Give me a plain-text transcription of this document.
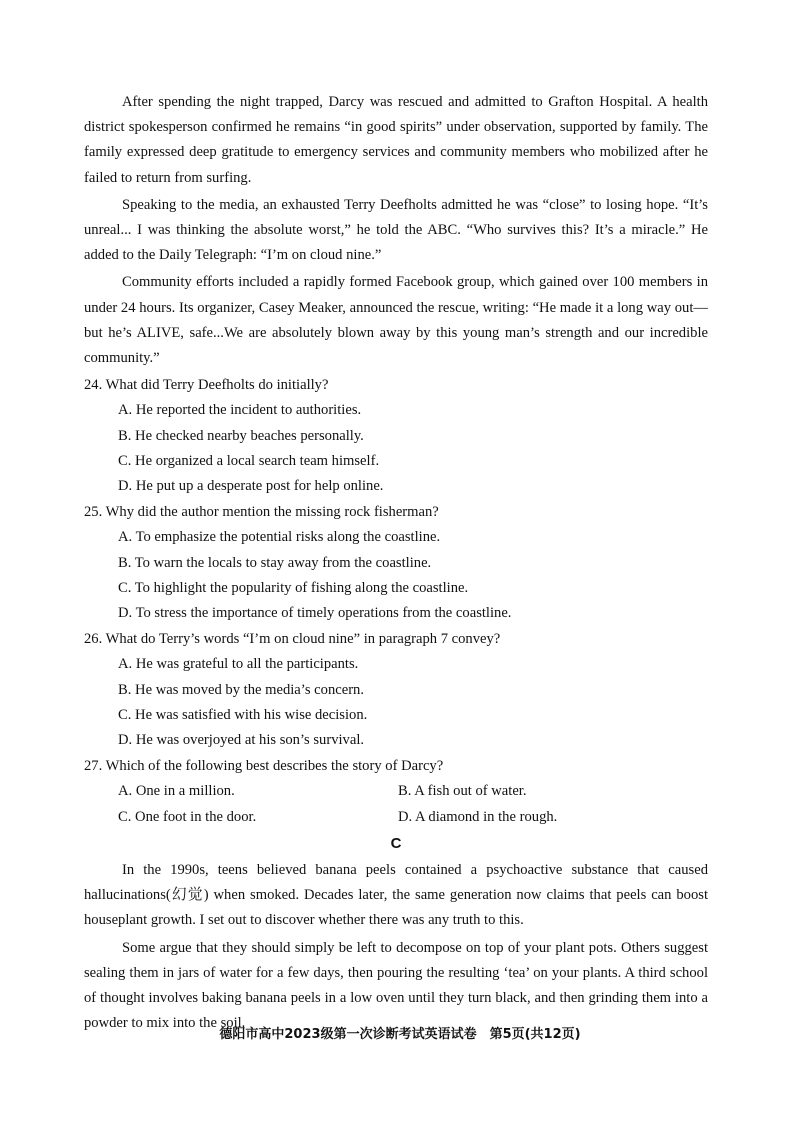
After spending the night trapped, Darcy was rescued and admitted to Grafton Hospital. A health district spokesperson confirmed he remains “in good spirits” under observation, supported by family. The family expressed deep gratitude to emergency services and community members who mobilized after he failed to return from surfing.

Speaking to the media, an exhausted Terry Deefholts admitted he was “close” to losing hope. “It’s unreal... I was thinking the absolute worst,” he told the ABC. “Who survives this? It’s a miracle.” He added to the Daily Telegraph: “I’m on cloud nine.”

Community efforts included a rapidly formed Facebook group, which gained over 100 members in under 24 hours. Its organizer, Casey Meaker, announced the rescue, writing: “He made it a long way out—but he’s ALIVE, safe...We are absolutely blown away by this young man’s strength and our incredible community.”

24. What did Terry Deefholts do initially?

A. He reported the incident to authorities.

B. He checked nearby beaches personally.

C. He organized a local search team himself.

D. He put up a desperate post for help online.

25. Why did the author mention the missing rock fisherman?

A. To emphasize the potential risks along the coastline.

B. To warn the locals to stay away from the coastline.

C. To highlight the popularity of fishing along the coastline.

D. To stress the importance of timely operations from the coastline.

26. What do Terry’s words “I’m on cloud nine” in paragraph 7 convey?

A. He was grateful to all the participants.

B. He was moved by the media’s concern.

C. He was satisfied with his wise decision.

D. He was overjoyed at his son’s survival.

27. Which of the following best describes the story of Darcy?

A. One in a million.	B. A fish out of water.
C. One foot in the door.	D. A diamond in the rough.
C

In the 1990s, teens believed banana peels contained a psychoactive substance that caused hallucinations(幻觉) when smoked. Decades later, the same generation now claims that peels can boost houseplant growth. I set out to discover whether there was any truth to this.

Some argue that they should simply be left to decompose on top of your plant pots. Others suggest sealing them in jars of water for a few days, then pouring the resulting ‘tea’ on your plants. A third school of thought involves baking banana peels in a low oven until they turn black, and then grinding them into a powder to mix into the soil.

德阳市高中2023级第一次诊断考试英语试卷　第5页(共12页)
